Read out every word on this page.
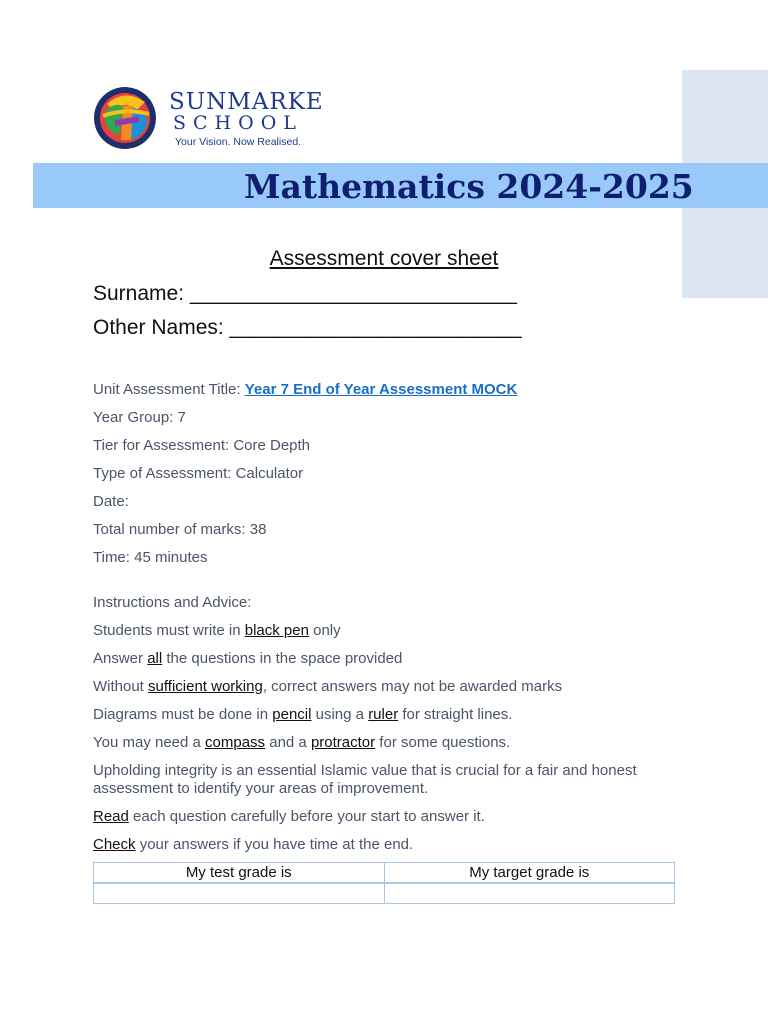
SUNMARKE
SCHOOL
Your Vision. Now Realised.
Mathematics 2024-2025
Assessment cover sheet
Surname: ____________________________
Other Names: _________________________
Unit Assessment Title: Year 7 End of Year Assessment MOCK
Year Group: 7
Tier for Assessment: Core Depth
Type of Assessment: Calculator
Date:
Total number of marks: 38
Time: 45 minutes
Instructions and Advice:
Students must write in black pen only
Answer all the questions in the space provided
Without sufficient working, correct answers may not be awarded marks
Diagrams must be done in pencil using a ruler for straight lines.
You may need a compass and a protractor for some questions.
Upholding integrity is an essential Islamic value that is crucial for a fair and honest assessment to identify your areas of improvement.
Read each question carefully before your start to answer it.
Check your answers if you have time at the end.
My test grade is	My target grade is
